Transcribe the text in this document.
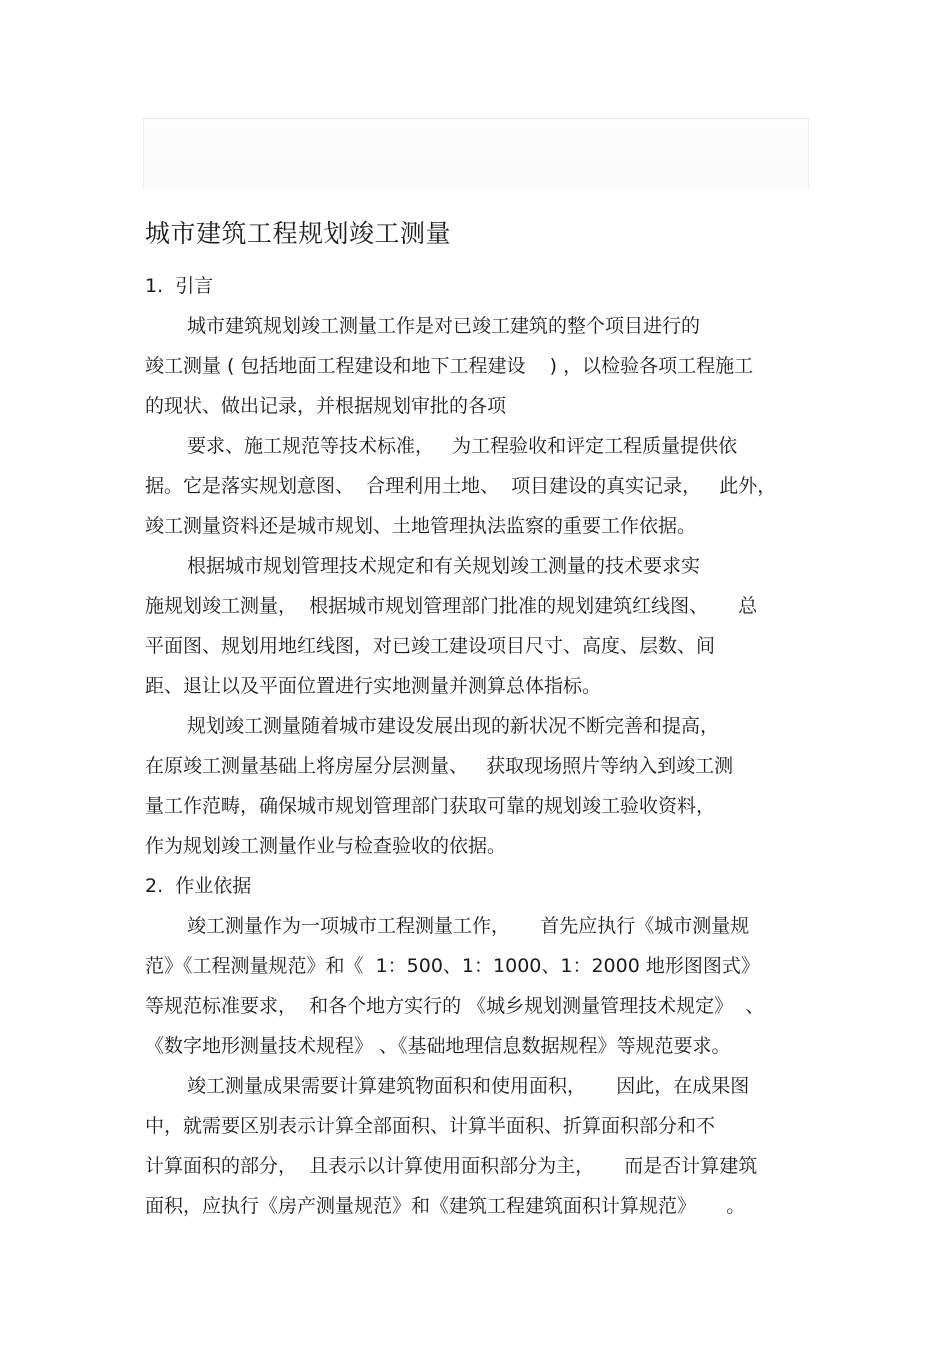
城市建筑工程规划竣工测量
1.  引言
城市建筑规划竣工测量工作是对已竣工建筑的整个项目进行的
竣工测量 ( 包括地面工程建设和地下工程建设    ) ，以检验各项工程施工
的现状、做出记录，并根据规划审批的各项
要求、施工规范等技术标准，   为工程验收和评定工程质量提供依
据。它是落实规划意图、  合理利用土地、  项目建设的真实记录，   此外，
竣工测量资料还是城市规划、土地管理执法监察的重要工作依据。
根据城市规划管理技术规定和有关规划竣工测量的技术要求实
施规划竣工测量，  根据城市规划管理部门批准的规划建筑红线图、     总
平面图、规划用地红线图，对已竣工建设项目尺寸、高度、层数、间
距、退让以及平面位置进行实地测量并测算总体指标。
规划竣工测量随着城市建设发展出现的新状况不断完善和提高，
在原竣工测量基础上将房屋分层测量、   获取现场照片等纳入到竣工测
量工作范畴，确保城市规划管理部门获取可靠的规划竣工验收资料，
作为规划竣工测量作业与检查验收的依据。
2.  作业依据
竣工测量作为一项城市工程测量工作，     首先应执行《城市测量规
范》《工程测量规范》和《  1：500、1：1000、1：2000 地形图图式》
等规范标准要求，  和各个地方实行的 《城乡规划测量管理技术规定》  、
《数字地形测量技术规程》 、《基础地理信息数据规程》等规范要求。
竣工测量成果需要计算建筑物面积和使用面积，     因此，在成果图
中，就需要区别表示计算全部面积、计算半面积、折算面积部分和不
计算面积的部分，  且表示以计算使用面积部分为主，     而是否计算建筑
面积，应执行《房产测量规范》和《建筑工程建筑面积计算规范》     。
